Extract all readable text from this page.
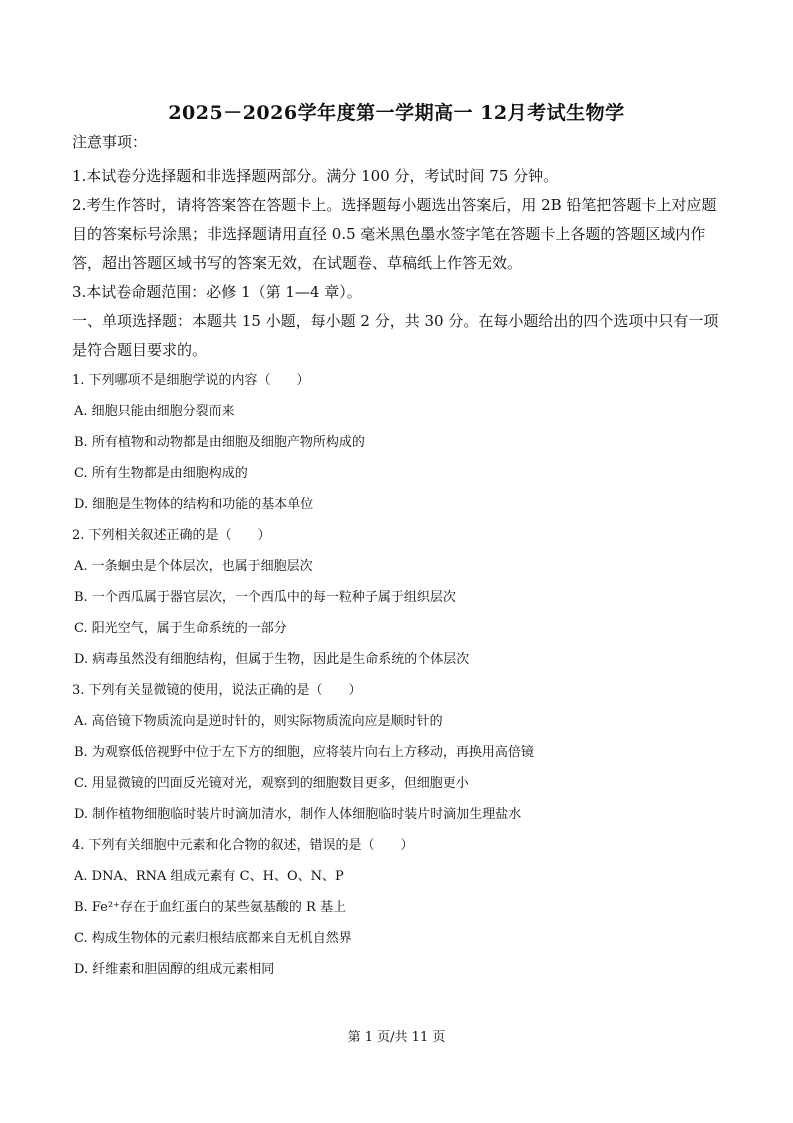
2025－2026学年度第一学期高一 12月考试生物学

注意事项：

1.本试卷分选择题和非选择题两部分。满分 100 分，考试时间 75 分钟。

2.考生作答时，请将答案答在答题卡上。选择题每小题选出答案后，用 2B 铅笔把答题卡上对应题目的答案标号涂黑；非选择题请用直径 0.5 毫米黑色墨水签字笔在答题卡上各题的答题区域内作答，超出答题区域书写的答案无效，在试题卷、草稿纸上作答无效。

3.本试卷命题范围：必修 1（第 1—4 章）。

一、单项选择题：本题共 15 小题，每小题 2 分，共 30 分。在每小题给出的四个选项中只有一项是符合题目要求的。

1. 下列哪项不是细胞学说的内容（　　）

A. 细胞只能由细胞分裂而来

B. 所有植物和动物都是由细胞及细胞产物所构成的

C. 所有生物都是由细胞构成的

D. 细胞是生物体的结构和功能的基本单位

2. 下列相关叙述正确的是（　　）

A. 一条蛔虫是个体层次，也属于细胞层次

B. 一个西瓜属于器官层次，一个西瓜中的每一粒种子属于组织层次

C. 阳光空气，属于生命系统的一部分

D. 病毒虽然没有细胞结构，但属于生物，因此是生命系统的个体层次

3. 下列有关显微镜的使用，说法正确的是（　　）

A. 高倍镜下物质流向是逆时针的，则实际物质流向应是顺时针的

B. 为观察低倍视野中位于左下方的细胞，应将装片向右上方移动，再换用高倍镜

C. 用显微镜的凹面反光镜对光，观察到的细胞数目更多，但细胞更小

D. 制作植物细胞临时装片时滴加清水，制作人体细胞临时装片时滴加生理盐水

4. 下列有关细胞中元素和化合物的叙述，错误的是（　　）

A. DNA、RNA 组成元素有 C、H、O、N、P

B. Fe²⁺存在于血红蛋白的某些氨基酸的 R 基上

C. 构成生物体的元素归根结底都来自无机自然界

D. 纤维素和胆固醇的组成元素相同

第 1 页/共 11 页
